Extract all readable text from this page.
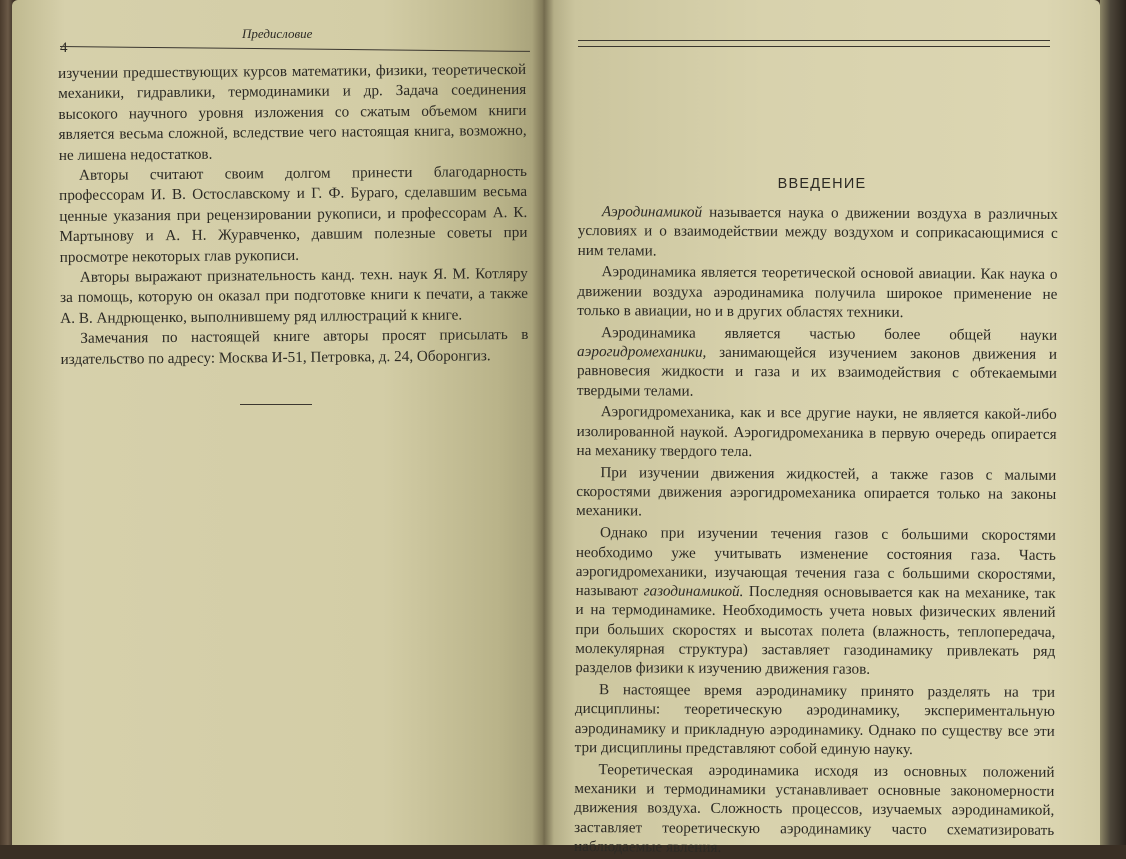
4
Предисловие

изучении предшествующих курсов математики, физики, теоретической механики, гидравлики, термодинамики и др. Задача соединения высокого научного уровня изложения со сжатым объемом книги является весьма сложной, вследствие чего настоящая книга, возможно, не лишена недостатков.

Авторы считают своим долгом принести благодарность профессорам И. В. Остославскому и Г. Ф. Бураго, сделавшим весьма ценные указания при рецензировании рукописи, и профессорам А. К. Мартынову и А. Н. Журавченко, давшим полезные советы при просмотре некоторых глав рукописи.

Авторы выражают признательность канд. техн. наук Я. М. Котляру за помощь, которую он оказал при подготовке книги к печати, а также А. В. Андрющенко, выполнившему ряд иллюстраций к книге.

Замечания по настоящей книге авторы просят присылать в издательство по адресу: Москва И-51, Петровка, д. 24, Оборонгиз.

ВВЕДЕНИЕ

Аэродинамикой называется наука о движении воздуха в различных условиях и о взаимодействии между воздухом и соприкасающимися с ним телами.

Аэродинамика является теоретической основой авиации. Как наука о движении воздуха аэродинамика получила широкое применение не только в авиации, но и в других областях техники.

Аэродинамика является частью более общей науки аэрогидромеханики, занимающейся изучением законов движения и равновесия жидкости и газа и их взаимодействия с обтекаемыми твердыми телами.

Аэрогидромеханика, как и все другие науки, не является какой-либо изолированной наукой. Аэрогидромеханика в первую очередь опирается на механику твердого тела.

При изучении движения жидкостей, а также газов с малыми скоростями движения аэрогидромеханика опирается только на законы механики.

Однако при изучении течения газов с большими скоростями необходимо уже учитывать изменение состояния газа. Часть аэрогидромеханики, изучающая течения газа с большими скоростями, называют газодинамикой. Последняя основывается как на механике, так и на термодинамике. Необходимость учета новых физических явлений при больших скоростях и высотах полета (влажность, теплопередача, молекулярная структура) заставляет газодинамику привлекать ряд разделов физики к изучению движения газов.

В настоящее время аэродинамику принято разделять на три дисциплины: теоретическую аэродинамику, экспериментальную аэродинамику и прикладную аэродинамику. Однако по существу все эти три дисциплины представляют собой единую науку.

Теоретическая аэродинамика исходя из основных положений механики и термодинамики устанавливает основные закономерности движения воздуха. Сложность процессов, изучаемых аэродинамикой, заставляет теоретическую аэродинамику часто схематизировать наблюдаемые явления.
